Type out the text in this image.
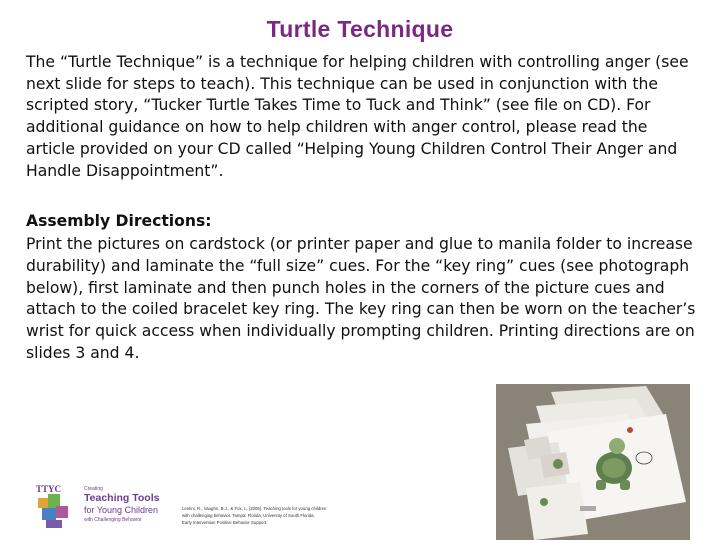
Turtle Technique

The “Turtle Technique” is a technique for helping children with controlling anger (see next slide for steps to teach). This technique can be used in conjunction with the scripted story, “Tucker Turtle Takes Time to Tuck and Think” (see file on CD). For additional guidance on how to help children with anger control, please read the article provided on your CD called “Helping Young Children Control Their Anger and Handle Disappointment”.

Assembly Directions:

Print the pictures on cardstock (or printer paper and glue to manila folder to increase durability) and laminate the “full size” cues. For the “key ring” cues (see photograph below), first laminate and then punch holes in the corners of the picture cues and attach to the coiled bracelet key ring. The key ring can then be worn on the teacher’s wrist for quick access when individually prompting children. Printing directions are on slides 3 and 4.

TTYC	Creating
Teaching Tools
for Young Children
with Challenging Behavior
Lentini, R., Vaughn, B.J., & Fox, L. (2005). Teaching tools for young children
with challenging behavior. Tampa: Florida, University of South Florida,
Early Intervention Positive Behavior Support.
